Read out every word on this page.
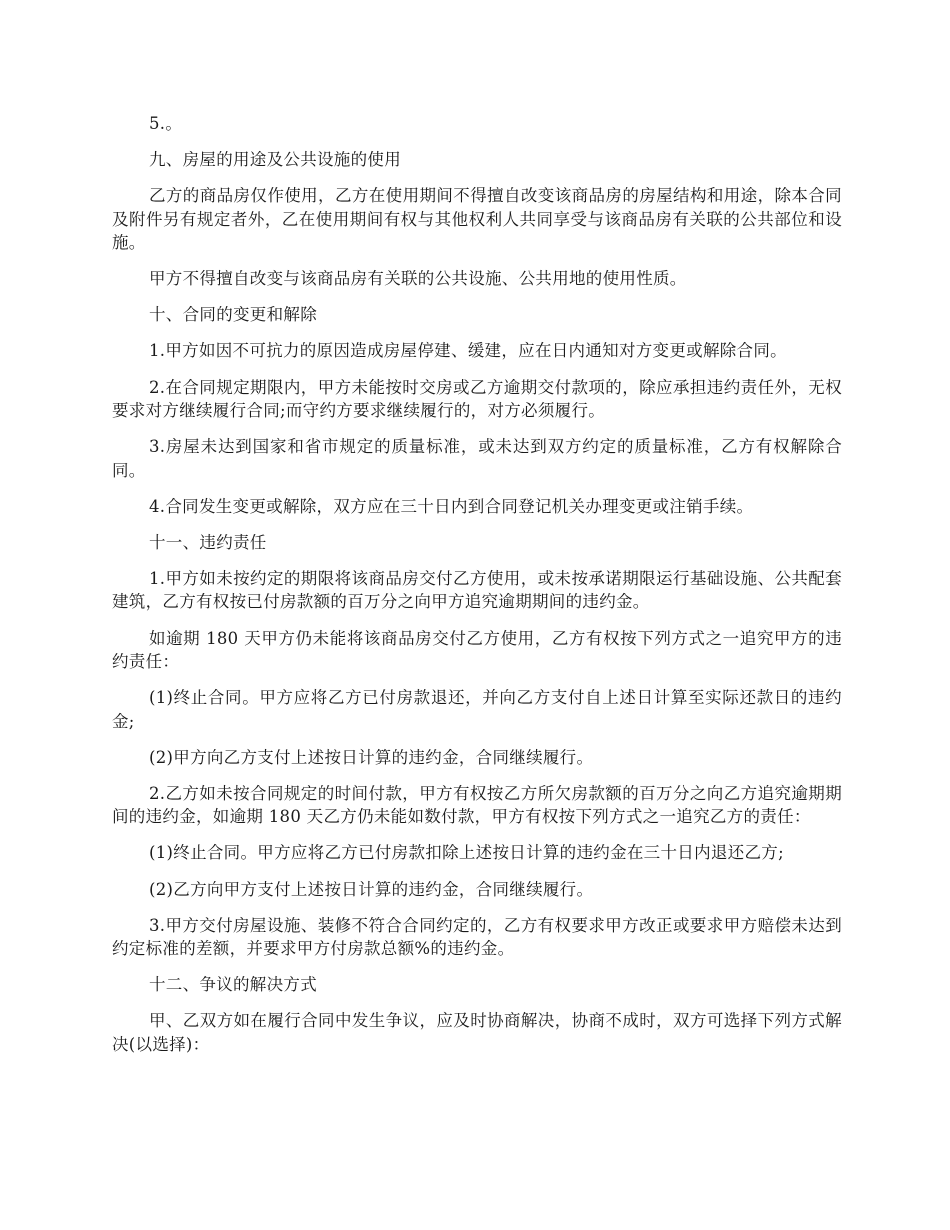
5.。

九、房屋的用途及公共设施的使用

乙方的商品房仅作使用，乙方在使用期间不得擅自改变该商品房的房屋结构和用途，除本合同及附件另有规定者外，乙在使用期间有权与其他权利人共同享受与该商品房有关联的公共部位和设施。

甲方不得擅自改变与该商品房有关联的公共设施、公共用地的使用性质。

十、合同的变更和解除

1.甲方如因不可抗力的原因造成房屋停建、缓建，应在日内通知对方变更或解除合同。

2.在合同规定期限内，甲方未能按时交房或乙方逾期交付款项的，除应承担违约责任外，无权要求对方继续履行合同;而守约方要求继续履行的，对方必须履行。

3.房屋未达到国家和省市规定的质量标准，或未达到双方约定的质量标准，乙方有权解除合同。

4.合同发生变更或解除，双方应在三十日内到合同登记机关办理变更或注销手续。

十一、违约责任

1.甲方如未按约定的期限将该商品房交付乙方使用，或未按承诺期限运行基础设施、公共配套建筑，乙方有权按已付房款额的百万分之向甲方追究逾期期间的违约金。

如逾期 180 天甲方仍未能将该商品房交付乙方使用，乙方有权按下列方式之一追究甲方的违约责任：

(1)终止合同。甲方应将乙方已付房款退还，并向乙方支付自上述日计算至实际还款日的违约金;

(2)甲方向乙方支付上述按日计算的违约金，合同继续履行。

2.乙方如未按合同规定的时间付款，甲方有权按乙方所欠房款额的百万分之向乙方追究逾期期间的违约金，如逾期 180 天乙方仍未能如数付款，甲方有权按下列方式之一追究乙方的责任：

(1)终止合同。甲方应将乙方已付房款扣除上述按日计算的违约金在三十日内退还乙方;

(2)乙方向甲方支付上述按日计算的违约金，合同继续履行。

3.甲方交付房屋设施、装修不符合合同约定的，乙方有权要求甲方改正或要求甲方赔偿未达到约定标准的差额，并要求甲方付房款总额%的违约金。

十二、争议的解决方式

甲、乙双方如在履行合同中发生争议，应及时协商解决，协商不成时，双方可选择下列方式解决(以选择)：
